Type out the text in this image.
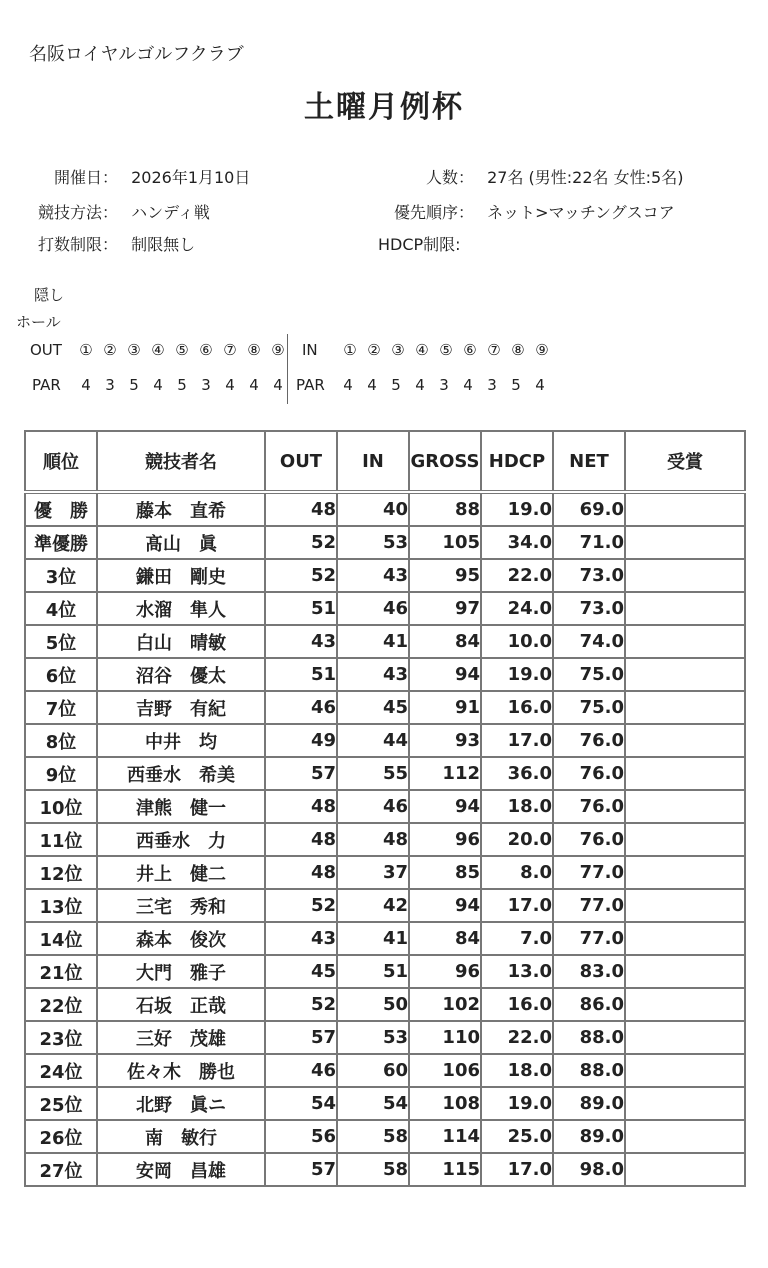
名阪ロイヤルゴルフクラブ
土曜月例杯
開催日： 2026年1月10日
競技方法： ハンディ戦
打数制限： 制限無し
人数： 27名 (男性:22名 女性:5名)
優先順序： ネット>マッチングスコア
HDCP制限:
隠し
ホール
OUT ① ② ③ ④ ⑤ ⑥ ⑦ ⑧ ⑨	IN ① ② ③ ④ ⑤ ⑥ ⑦ ⑧ ⑨
PAR 4 3 5 4 5 3 4 4 4 PAR 4 4 5 4 3 4 3 5 4
順位	競技者名	OUT	IN	GROSS	HDCP	NET	受賞
優　勝	藤本　直希	48	40	88	19.0	69.0	
準優勝	髙山　眞	52	53	105	34.0	71.0	
3位	鎌田　剛史	52	43	95	22.0	73.0	
4位	水溜　隼人	51	46	97	24.0	73.0	
5位	白山　晴敏	43	41	84	10.0	74.0	
6位	沼谷　優太	51	43	94	19.0	75.0	
7位	吉野　有紀	46	45	91	16.0	75.0	
8位	中井　均	49	44	93	17.0	76.0	
9位	西垂水　希美	57	55	112	36.0	76.0	
10位	津熊　健一	48	46	94	18.0	76.0	
11位	西垂水　力	48	48	96	20.0	76.0	
12位	井上　健二	48	37	85	8.0	77.0	
13位	三宅　秀和	52	42	94	17.0	77.0	
14位	森本　俊次	43	41	84	7.0	77.0	
21位	大門　雅子	45	51	96	13.0	83.0	
22位	石坂　正哉	52	50	102	16.0	86.0	
23位	三好　茂雄	57	53	110	22.0	88.0	
24位	佐々木　勝也	46	60	106	18.0	88.0	
25位	北野　眞ニ	54	54	108	19.0	89.0	
26位	南　敏行	56	58	114	25.0	89.0	
27位	安岡　昌雄	57	58	115	17.0	98.0	
